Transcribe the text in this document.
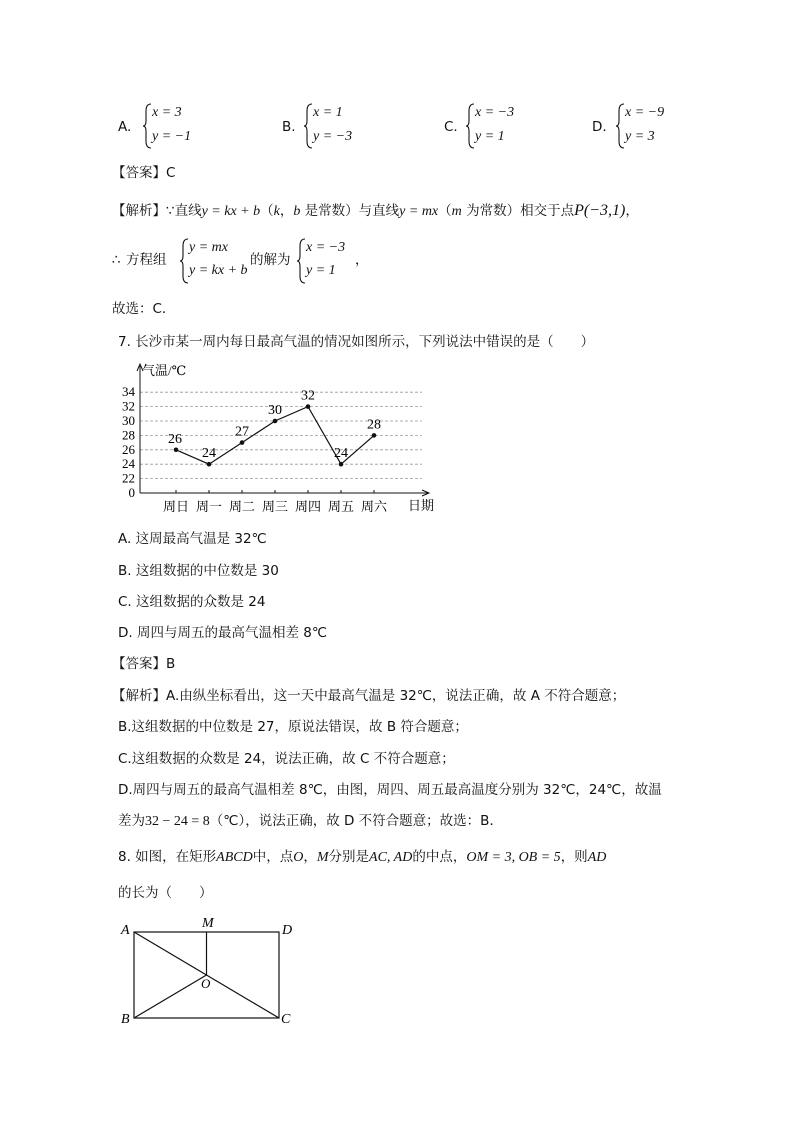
A.
x = 3
y = −1
B.
x = 1
y = −3
C.
x = −3
y = 1
D.
x = −9
y = 3
【答案】C
【解析】∵直线y = kx + b（k，b 是常数）与直线y = mx（m 为常数）相交于点P(−3,1)，
∴ 方程组
y = mx
y = kx + b
的解为
x = −3
y = 1
，
故选：C．
7. 长沙市某一周内每日最高气温的情况如图所示，下列说法中错误的是（　　）
气温/℃
日期
0
22
24
26
28
30
32
34
周日 周一 周二 周三 周四 周五 周六
26
24
27
30
32
24
28
A. 这周最高气温是 32℃
B. 这组数据的中位数是 30
C. 这组数据的众数是 24
D. 周四与周五的最高气温相差 8℃
【答案】B
【解析】A.由纵坐标看出，这一天中最高气温是 32℃，说法正确，故 A 不符合题意；
B.这组数据的中位数是 27，原说法错误，故 B 符合题意；
C.这组数据的众数是 24，说法正确，故 C 不符合题意；
D.周四与周五的最高气温相差 8℃，由图，周四、周五最高温度分别为 32℃，24℃，故温
差为32 − 24 = 8（℃），说法正确，故 D 不符合题意；故选：B．
8. 如图，在矩形ABCD中，点O，M分别是AC, AD的中点，OM = 3, OB = 5，则AD
的长为（　　）
A
B	C
D
M
O
